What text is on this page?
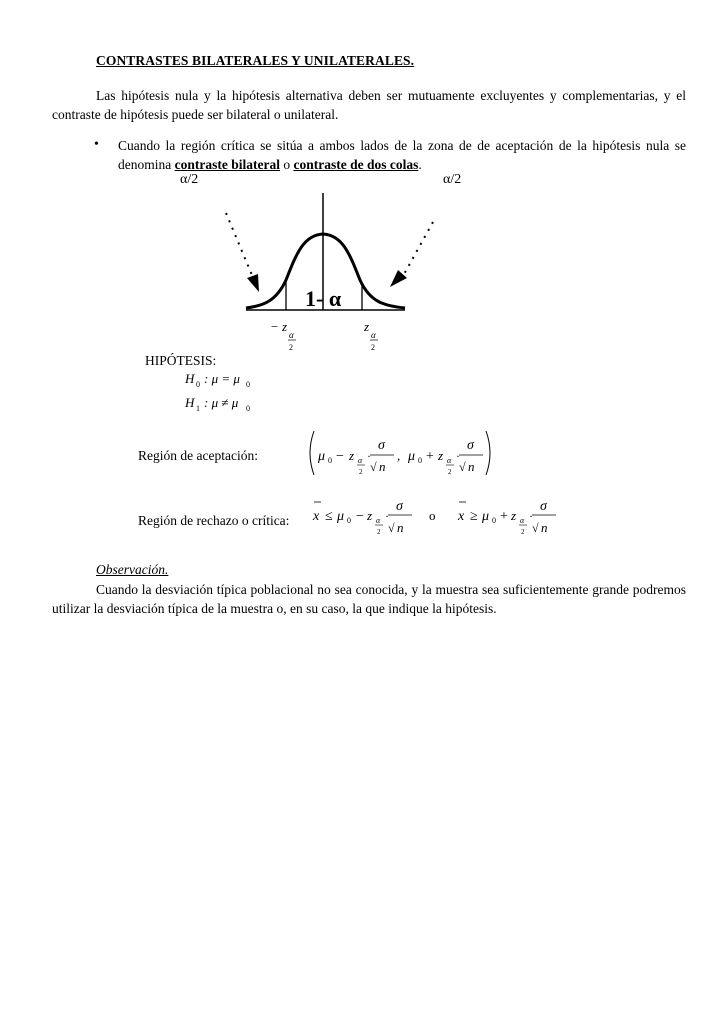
CONTRASTES BILATERALES Y UNILATERALES.
Las hipótesis nula y la hipótesis alternativa deben ser mutuamente excluyentes y complementarias, y el contraste de hipótesis puede ser bilateral o unilateral.
• Cuando la región crítica se sitúa a ambos lados de la zona de de aceptación de la hipótesis nula se denomina contraste bilateral o contraste de dos colas.
α/2	α/2
1- α
− z
α
2
z
α
2
HIPÓTESIS:
H 0 : μ = μ 0
H 1 : μ ≠ μ 0
Región de aceptación:	μ 0 − z α
2
·
σ
√ n
, μ 0 + z α
2
·
σ
√ n
Región de rechazo o crítica: x ≤ μ 0 − z α
2
·
σ
√ n
o x ≥ μ 0 + z α
2
·
σ
√ n
Observación.
Cuando la desviación típica poblacional no sea conocida, y la muestra sea suficientemente grande podremos utilizar la desviación típica de la muestra o, en su caso, la que indique la hipótesis.
